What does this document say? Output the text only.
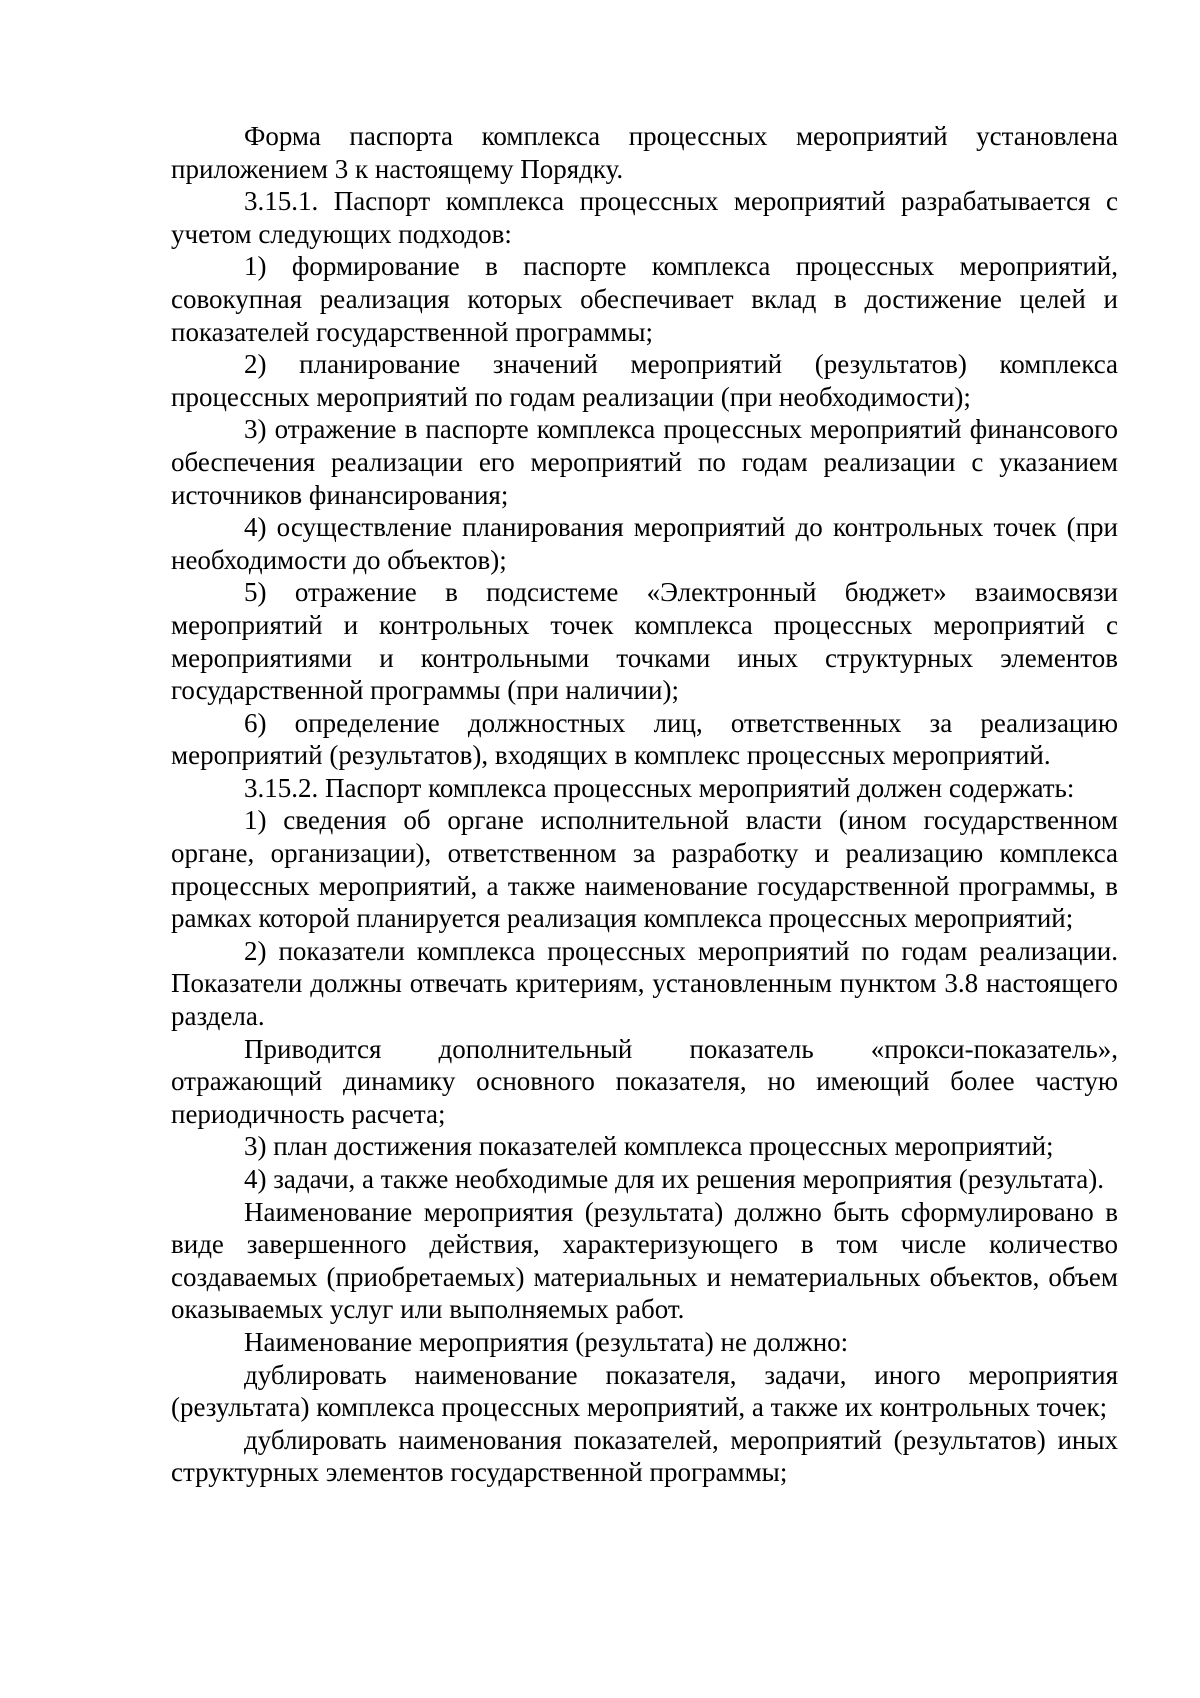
Форма паспорта комплекса процессных мероприятий установлена приложением 3 к настоящему Порядку.

3.15.1. Паспорт комплекса процессных мероприятий разрабатывается с учетом следующих подходов:

1) формирование в паспорте комплекса процессных мероприятий, совокупная реализация которых обеспечивает вклад в достижение целей и показателей государственной программы;

2) планирование значений мероприятий (результатов) комплекса процессных мероприятий по годам реализации (при необходимости);

3) отражение в паспорте комплекса процессных мероприятий финансового обеспечения реализации его мероприятий по годам реализации с указанием источников финансирования;

4) осуществление планирования мероприятий до контрольных точек (при необходимости до объектов);

5) отражение в подсистеме «Электронный бюджет» взаимосвязи мероприятий и контрольных точек комплекса процессных мероприятий с мероприятиями и контрольными точками иных структурных элементов государственной программы (при наличии);

6) определение должностных лиц, ответственных за реализацию мероприятий (результатов), входящих в комплекс процессных мероприятий.

3.15.2. Паспорт комплекса процессных мероприятий должен содержать:

1) сведения об органе исполнительной власти (ином государственном органе, организации), ответственном за разработку и реализацию комплекса процессных мероприятий, а также наименование государственной программы, в рамках которой планируется реализация комплекса процессных мероприятий;

2) показатели комплекса процессных мероприятий по годам реализации. Показатели должны отвечать критериям, установленным пунктом 3.8 настоящего раздела.

Приводится дополнительный показатель «прокси-показатель», отражающий динамику основного показателя, но имеющий более частую периодичность расчета;

3) план достижения показателей комплекса процессных мероприятий;

4) задачи, а также необходимые для их решения мероприятия (результата).

Наименование мероприятия (результата) должно быть сформулировано в виде завершенного действия, характеризующего в том числе количество создаваемых (приобретаемых) материальных и нематериальных объектов, объем оказываемых услуг или выполняемых работ.

Наименование мероприятия (результата) не должно:

дублировать наименование показателя, задачи, иного мероприятия (результата) комплекса процессных мероприятий, а также их контрольных точек;

дублировать наименования показателей, мероприятий (результатов) иных структурных элементов государственной программы;
